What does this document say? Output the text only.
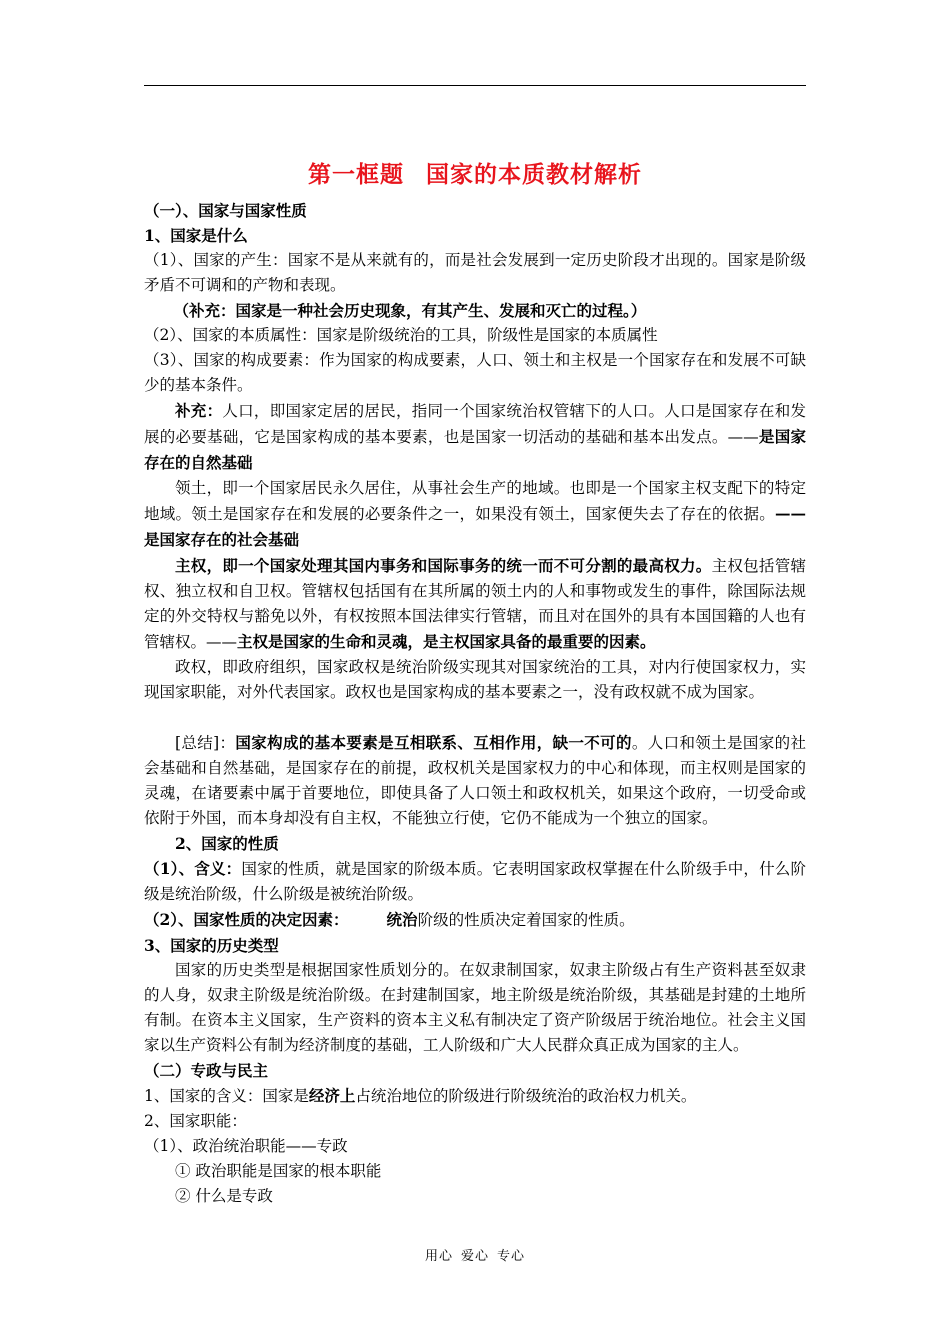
第一框题 国家的本质教材解析

（一）、国家与国家性质

1、国家是什么

（1）、国家的产生：国家不是从来就有的，而是社会发展到一定历史阶段才出现的。国家是阶级矛盾不可调和的产物和表现。

（补充：国家是一种社会历史现象，有其产生、发展和灭亡的过程。）

（2）、国家的本质属性：国家是阶级统治的工具，阶级性是国家的本质属性

（3）、国家的构成要素：作为国家的构成要素，人口、领土和主权是一个国家存在和发展不可缺少的基本条件。

补充：人口，即国家定居的居民，指同一个国家统治权管辖下的人口。人口是国家存在和发展的必要基础，它是国家构成的基本要素，也是国家一切活动的基础和基本出发点。——是国家存在的自然基础

领土，即一个国家居民永久居住，从事社会生产的地域。也即是一个国家主权支配下的特定地域。领土是国家存在和发展的必要条件之一，如果没有领土，国家便失去了存在的依据。——是国家存在的社会基础

主权，即一个国家处理其国内事务和国际事务的统一而不可分割的最高权力。主权包括管辖权、独立权和自卫权。管辖权包括国有在其所属的领土内的人和事物或发生的事件，除国际法规定的外交特权与豁免以外，有权按照本国法律实行管辖，而且对在国外的具有本国国籍的人也有管辖权。——主权是国家的生命和灵魂，是主权国家具备的最重要的因素。

政权，即政府组织，国家政权是统治阶级实现其对国家统治的工具，对内行使国家权力，实现国家职能，对外代表国家。政权也是国家构成的基本要素之一，没有政权就不成为国家。

[总结]：国家构成的基本要素是互相联系、互相作用，缺一不可的。人口和领土是国家的社会基础和自然基础，是国家存在的前提，政权机关是国家权力的中心和体现，而主权则是国家的灵魂，在诸要素中属于首要地位，即使具备了人口领土和政权机关，如果这个政府，一切受命或依附于外国，而本身却没有自主权，不能独立行使，它仍不能成为一个独立的国家。

2、国家的性质

（1）、含义：国家的性质，就是国家的阶级本质。它表明国家政权掌握在什么阶级手中，什么阶级是统治阶级，什么阶级是被统治阶级。

（2）、国家性质的决定因素： 统治阶级的性质决定着国家的性质。

3、国家的历史类型

国家的历史类型是根据国家性质划分的。在奴隶制国家，奴隶主阶级占有生产资料甚至奴隶的人身，奴隶主阶级是统治阶级。在封建制国家，地主阶级是统治阶级，其基础是封建的土地所有制。在资本主义国家，生产资料的资本主义私有制决定了资产阶级居于统治地位。社会主义国家以生产资料公有制为经济制度的基础，工人阶级和广大人民群众真正成为国家的主人。

（二）专政与民主

1、国家的含义：国家是经济上占统治地位的阶级进行阶级统治的政治权力机关。

2、国家职能：

（1）、政治统治职能——专政

① 政治职能是国家的根本职能

② 什么是专政

用心 爱心 专心
